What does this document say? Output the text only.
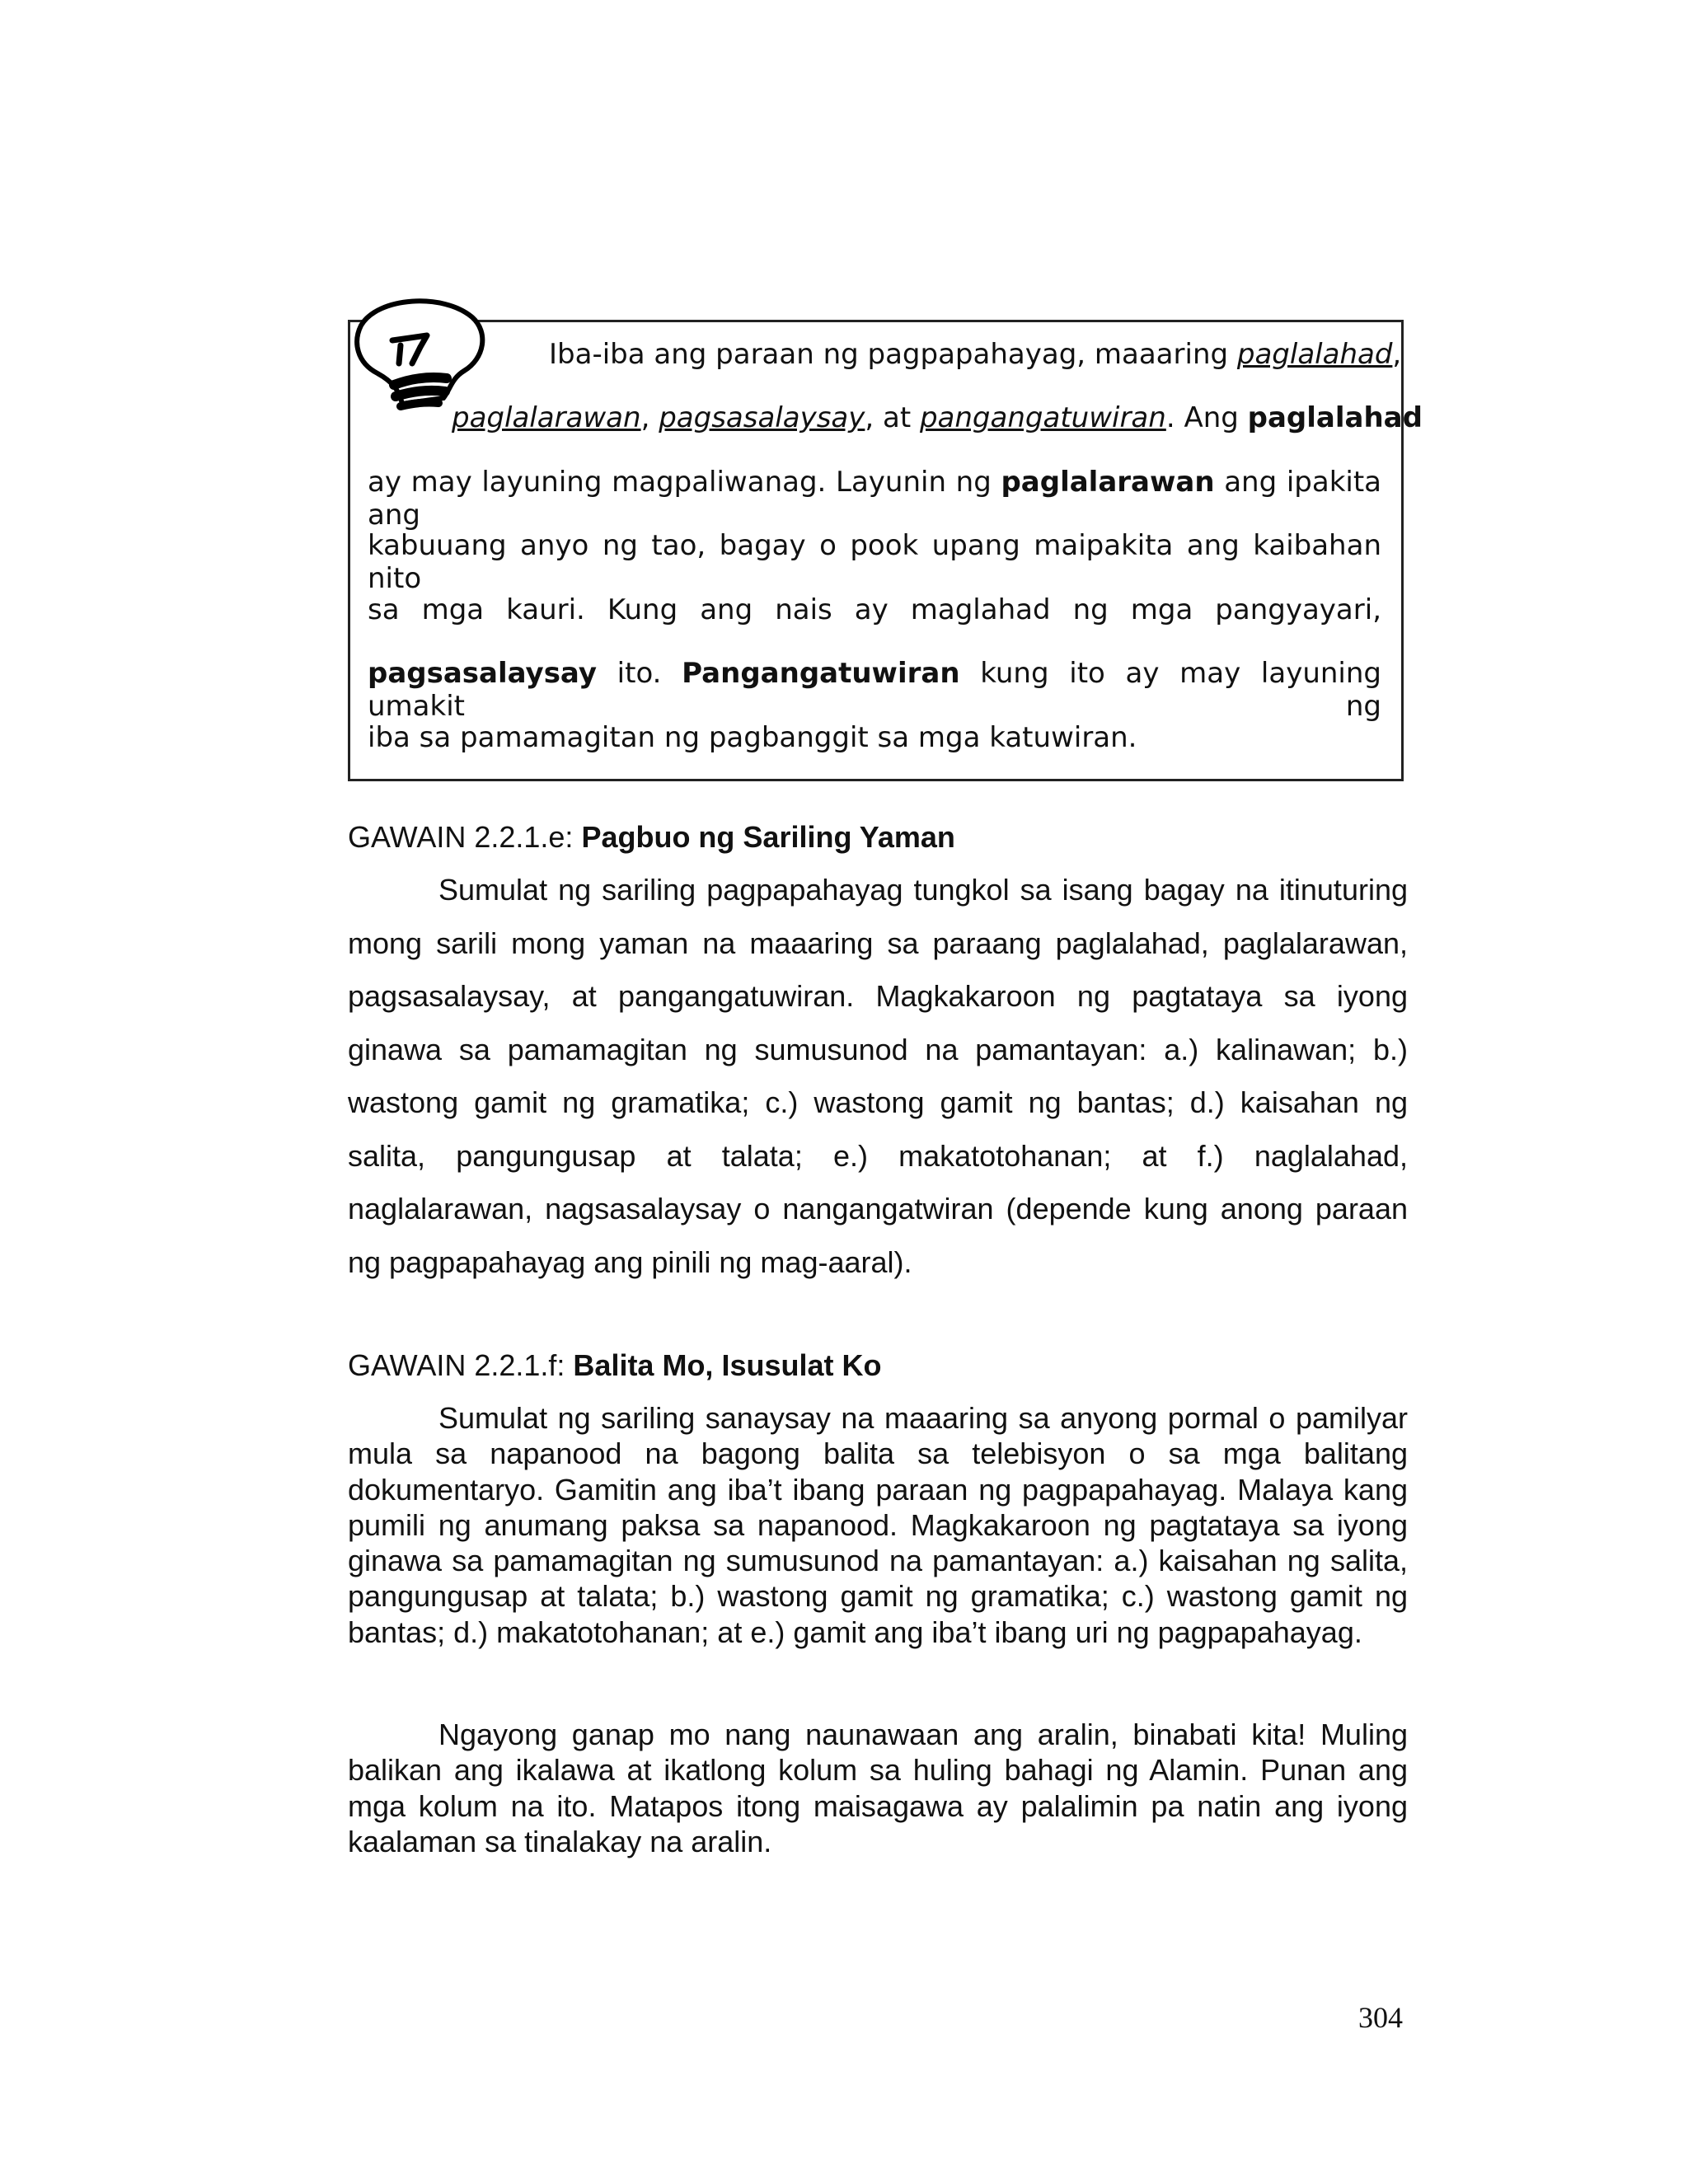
Iba-iba ang paraan ng pagpapahayag, maaaring paglalahad,
paglalarawan, pagsasalaysay, at pangangatuwiran. Ang paglalahad
ay may layuning magpaliwanag. Layunin ng paglalarawan ang ipakita ang
kabuuang anyo ng tao, bagay o pook upang maipakita ang kaibahan nito
sa mga kauri. Kung ang nais ay maglahad ng mga pangyayari,
pagsasalaysay ito. Pangangatuwiran kung ito ay may layuning umakit ng
iba sa pamamagitan ng pagbanggit sa mga katuwiran.
GAWAIN 2.2.1.e: Pagbuo ng Sariling Yaman

Sumulat ng sariling pagpapahayag tungkol sa isang bagay na itinuturing mong sarili mong yaman na maaaring sa paraang paglalahad, paglalarawan, pagsasalaysay, at pangangatuwiran. Magkakaroon ng pagtataya sa iyong ginawa sa pamamagitan ng sumusunod na pamantayan: a.) kalinawan; b.) wastong gamit ng gramatika; c.) wastong gamit ng bantas; d.) kaisahan ng salita, pangungusap at talata; e.) makatotohanan; at f.) naglalahad, naglalarawan, nagsasalaysay o nangangatwiran (depende kung anong paraan ng pagpapahayag ang pinili ng mag-aaral).

GAWAIN 2.2.1.f: Balita Mo, Isusulat Ko

Sumulat ng sariling sanaysay na maaaring sa anyong pormal o pamilyar mula sa napanood na bagong balita sa telebisyon o sa mga balitang dokumentaryo. Gamitin ang iba’t ibang paraan ng pagpapahayag. Malaya kang pumili ng anumang paksa sa napanood. Magkakaroon ng pagtataya sa iyong ginawa sa pamamagitan ng sumusunod na pamantayan: a.) kaisahan ng salita, pangungusap at talata; b.) wastong gamit ng gramatika; c.) wastong gamit ng bantas; d.) makatotohanan; at e.) gamit ang iba’t ibang uri ng pagpapahayag.

Ngayong ganap mo nang naunawaan ang aralin, binabati kita! Muling balikan ang ikalawa at ikatlong kolum sa huling bahagi ng Alamin. Punan ang mga kolum na ito. Matapos itong maisagawa ay palalimin pa natin ang iyong kaalaman sa tinalakay na aralin.

304
